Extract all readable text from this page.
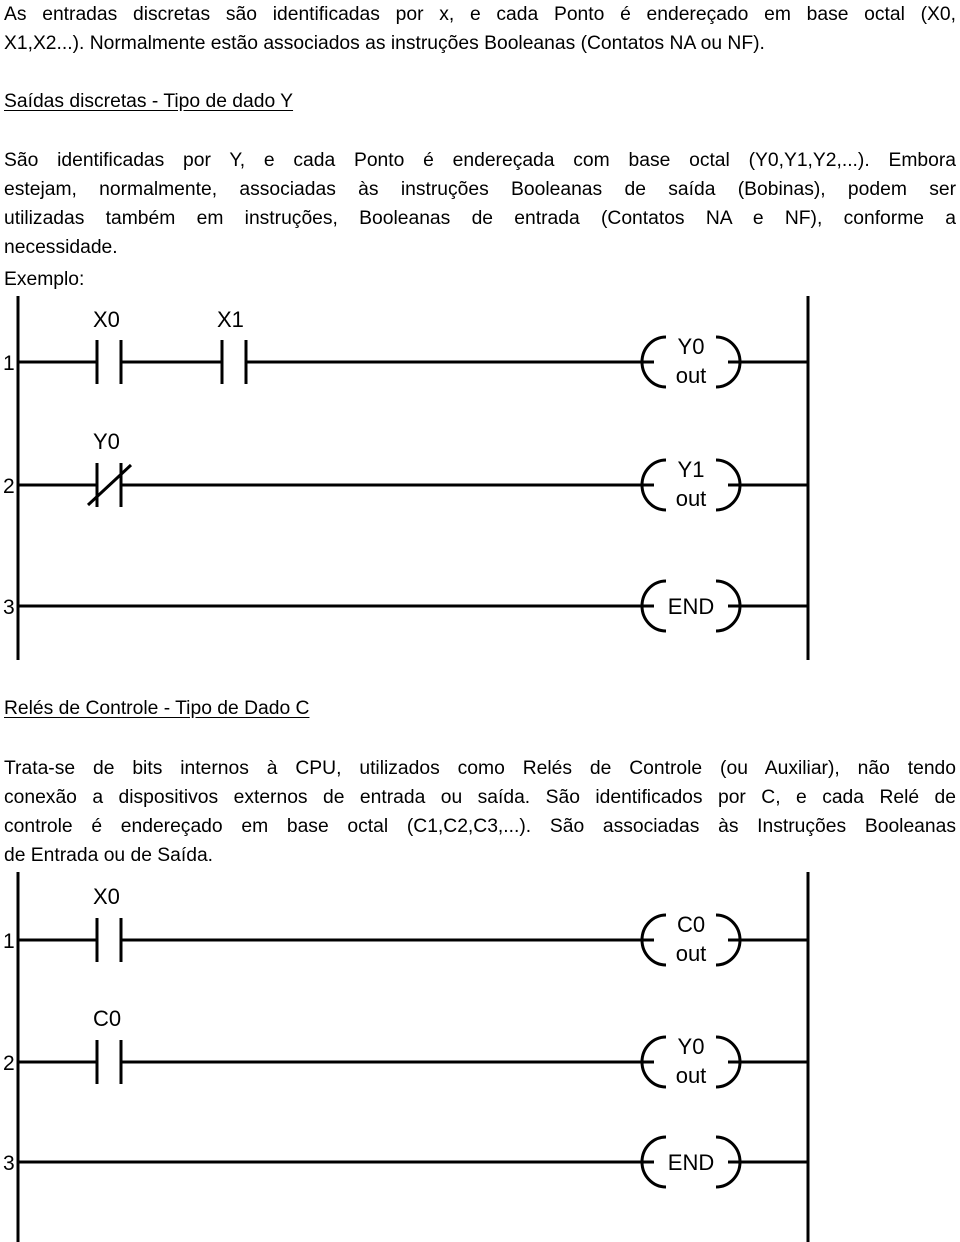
As entradas discretas são identificadas por x, e cada Ponto é endereçado em base octal (X0,
X1,X2...). Normalmente estão associados as instruções Booleanas (Contatos NA ou NF).
Saídas discretas - Tipo de dado Y
São identificadas por Y, e cada Ponto é endereçada com base octal (Y0,Y1,Y2,...). Embora
estejam, normalmente, associadas às instruções Booleanas de saída (Bobinas), podem ser
utilizadas também em instruções, Booleanas de entrada (Contatos NA e NF), conforme a
necessidade.
Exemplo:
1
X0	X1
Y0
out
2
Y0
Y1
out
3	END
Relés de Controle - Tipo de Dado C
Trata-se de bits internos à CPU, utilizados como Relés de Controle (ou Auxiliar), não tendo
conexão a dispositivos externos de entrada ou saída. São identificados por C, e cada Relé de
controle é endereçado em base octal (C1,C2,C3,...). São associadas às Instruções Booleanas
de Entrada ou de Saída.
1
X0
C0
out
2
C0
Y0
out
3	END
